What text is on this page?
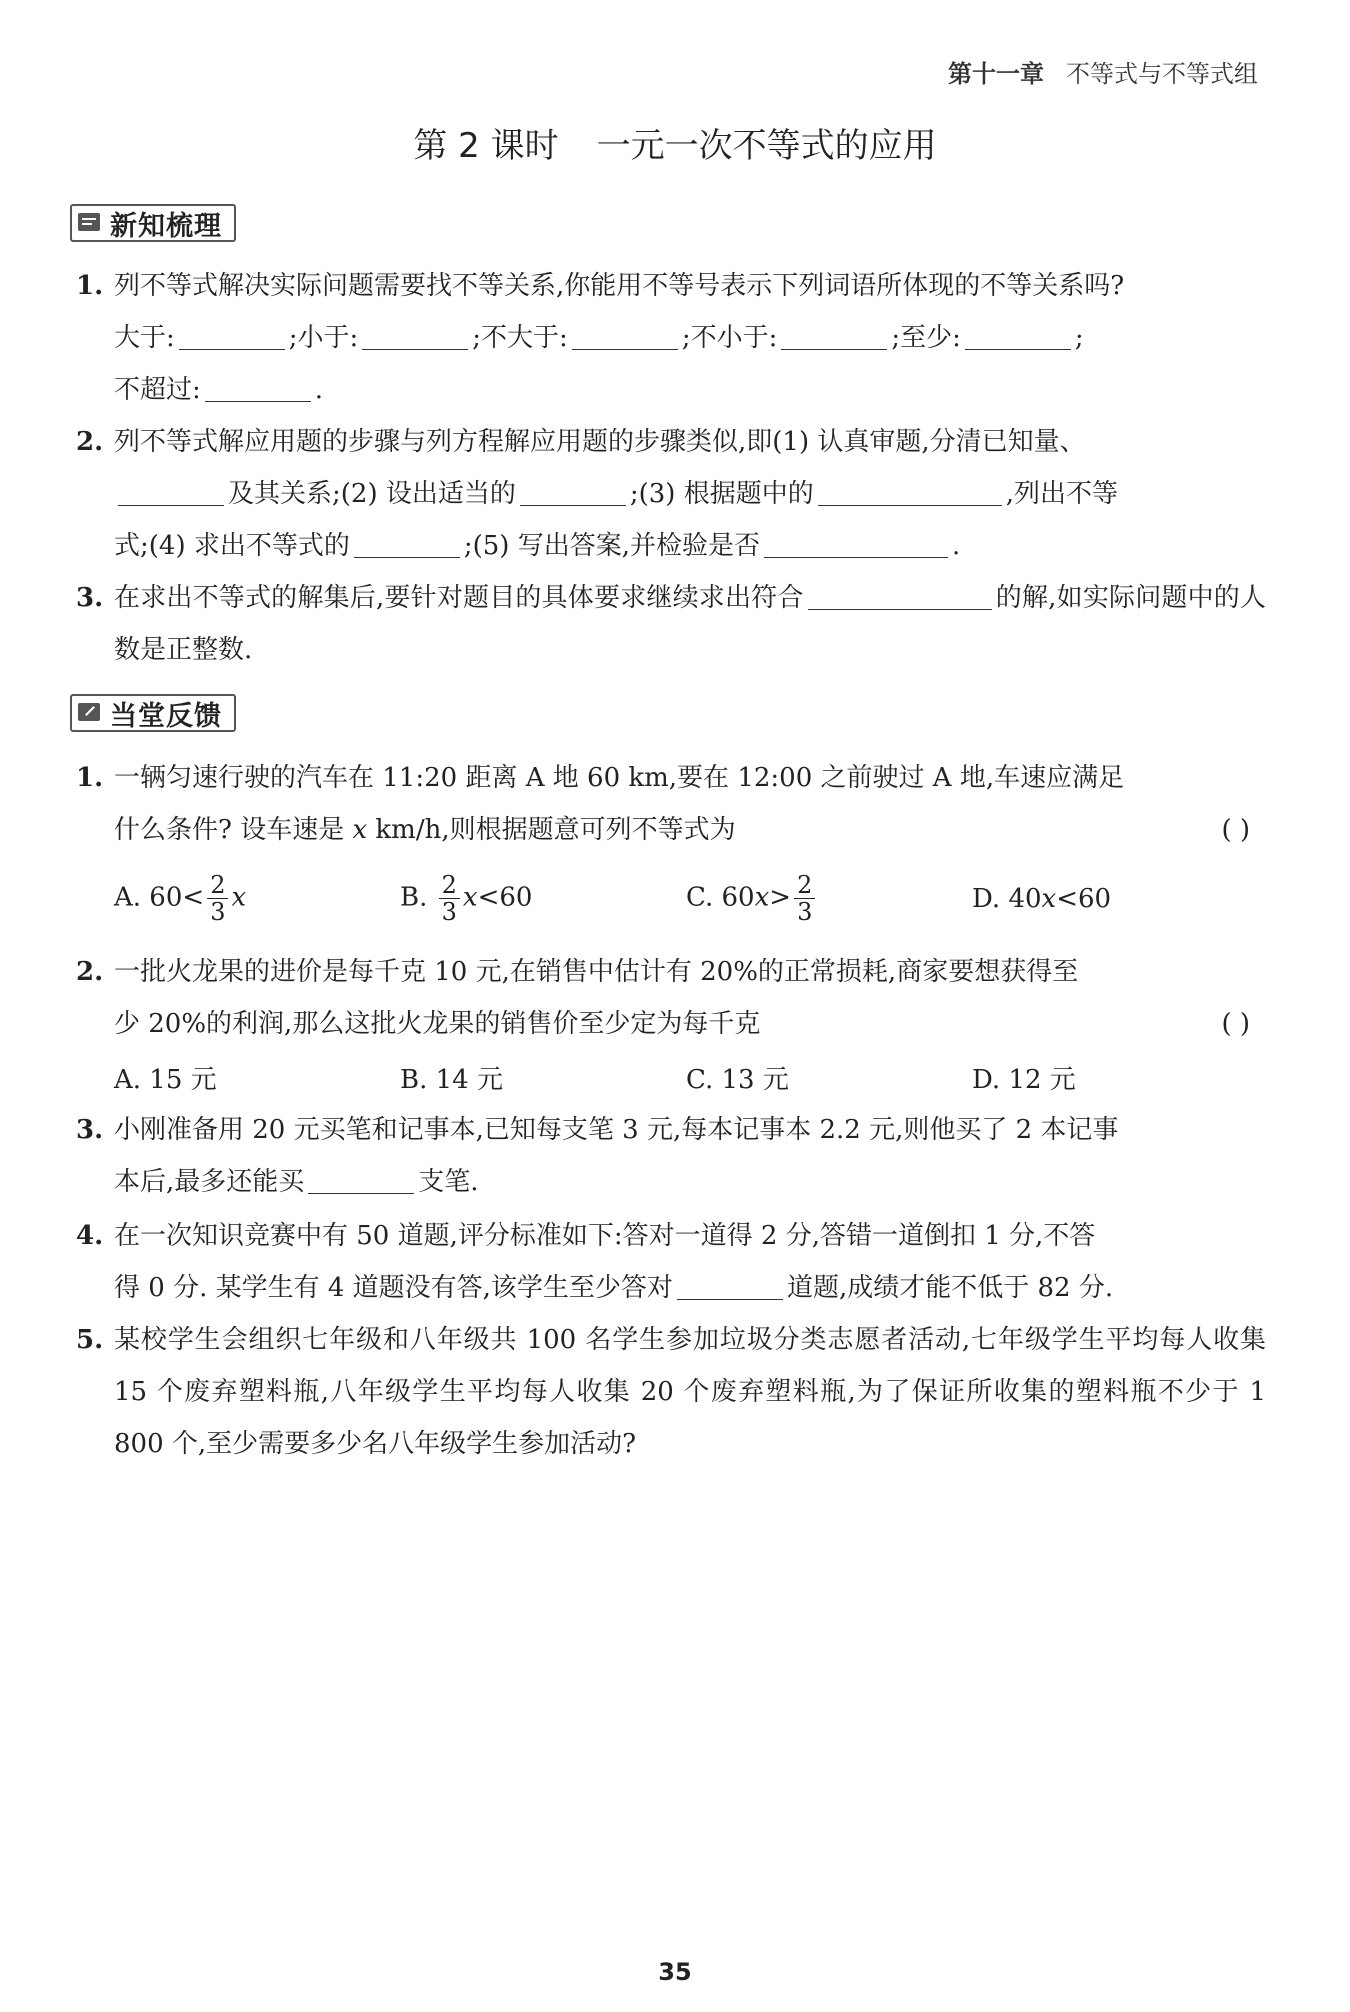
第十一章 不等式与不等式组
第 2 课时 一元一次不等式的应用
新知梳理
1. 列不等式解决实际问题需要找不等关系,你能用不等号表示下列词语所体现的不等关系吗?
大于:	;小于:	;不大于:	;不小于:	;至少:	;
不超过:	.
2. 列不等式解应用题的步骤与列方程解应用题的步骤类似,即(1) 认真审题,分清已知量、
及其关系;(2) 设出适当的	;(3) 根据题中的	,列出不等
式;(4) 求出不等式的	;(5) 写出答案,并检验是否	.
3. 在求出不等式的解集后,要针对题目的具体要求继续求出符合	的解,如实际问题中的人数是正整数.
当堂反馈
1. 一辆匀速行驶的汽车在 11:20 距离 A 地 60 km,要在 12:00 之前驶过 A 地,车速应满足
什么条件? 设车速是 x km/h,则根据题意可列不等式为	( )
A. $60< \frac{2}{3}$ x	B. $\frac{2}{3} x<60$	C. $60x> \frac{2}{3}$	D. 40x<60
2. 一批火龙果的进价是每千克 10 元,在销售中估计有 20%的正常损耗,商家要想获得至
少 20%的利润,那么这批火龙果的销售价至少定为每千克	( )
A. 15 元	B. 14 元	C. 13 元	D. 12 元
3. 小刚准备用 20 元买笔和记事本,已知每支笔 3 元,每本记事本 2.2 元,则他买了 2 本记事
本后,最多还能买	支笔.
4. 在一次知识竞赛中有 50 道题,评分标准如下:答对一道得 2 分,答错一道倒扣 1 分,不答
得 0 分. 某学生有 4 道题没有答,该学生至少答对	道题,成绩才能不低于 82 分.
5. 某校学生会组织七年级和八年级共 100 名学生参加垃圾分类志愿者活动,七年级学生平均每人收集 15 个废弃塑料瓶,八年级学生平均每人收集 20 个废弃塑料瓶,为了保证所收集的塑料瓶不少于 1 800 个,至少需要多少名八年级学生参加活动?
35
